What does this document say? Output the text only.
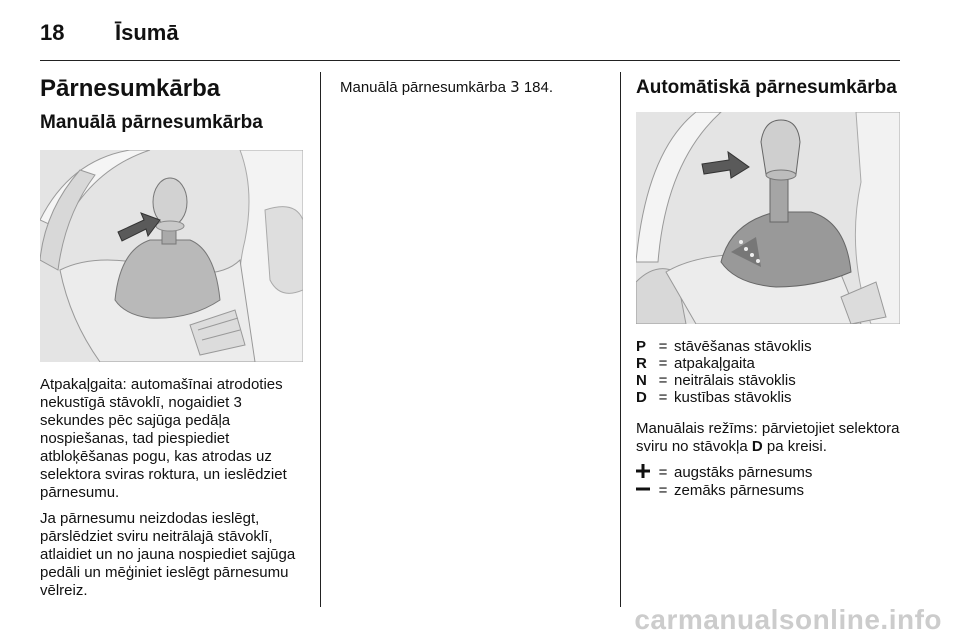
18 Īsumā
Pārnesumkārba
Manuālā pārnesumkārba

Atpakaļgaita: automašīnai atrodoties nekustīgā stāvoklī, nogaidiet 3 sekundes pēc sajūga pedāļa nospiešanas, tad piespiediet atbloķēšanas pogu, kas atrodas uz selektora sviras roktura, un ieslēdziet pārnesumu.

Ja pārnesumu neizdodas ieslēgt, pārslēdziet sviru neitrālajā stāvoklī, atlaidiet un no jauna nospiediet sajūga pedāli un mēģiniet ieslēgt pārnesumu vēlreiz.

Manuālā pārnesumkārba 3 184.	Automātiskā pārnesumkārba
P	=	stāvēšanas stāvoklis
R	=	atpakaļgaita
N	=	neitrālais stāvoklis
D	=	kustības stāvoklis

Manuālais režīms: pārvietojiet selektora sviru no stāvokļa D pa kreisi.

	=	augstāks pārnesums
	=	zemāks pārnesums
carmanualsonline.info
